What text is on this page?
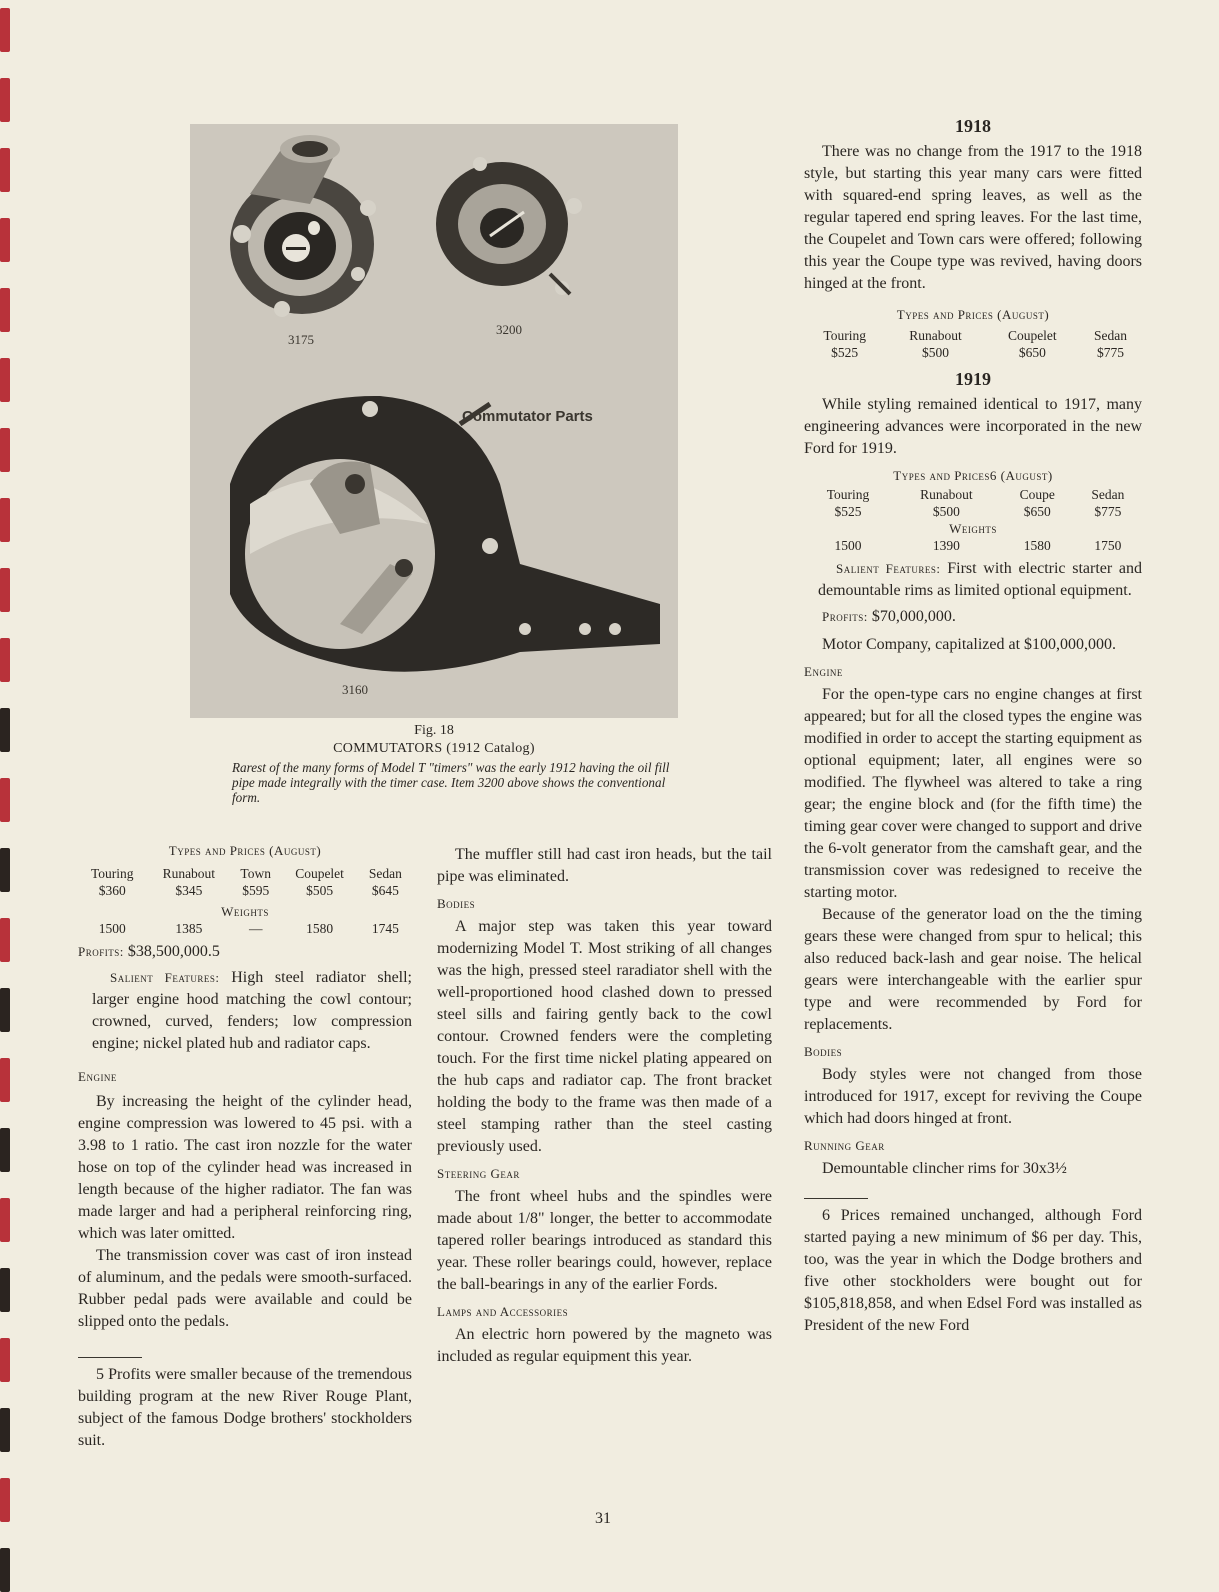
3175
3200
Commutator Parts
3160
Fig. 18
COMMUTATORS (1912 Catalog)
Rarest of the many forms of Model T "timers" was the early 1912 having the oil fill pipe made integrally with the timer case. Item 3200 above shows the conventional form.
Types and Prices (August)
Touring	Runabout	Town	Coupelet	Sedan
$360	$345	$595	$505	$645
Weights				
1500	1385	—	1580	1745

Profits: $38,500,000.5

Salient Features: High steel radiator shell; larger engine hood matching the cowl contour; crowned, curved, fenders; low compression engine; nickel plated hub and radiator caps.

Engine

By increasing the height of the cylinder head, engine compression was lowered to 45 psi. with a 3.98 to 1 ratio. The cast iron nozzle for the water hose on top of the cylinder head was increased in length because of the higher radiator. The fan was made larger and had a peripheral reinforcing ring, which was later omitted.

The transmission cover was cast of iron instead of aluminum, and the pedals were smooth-surfaced. Rubber pedal pads were available and could be slipped onto the pedals.

5 Profits were smaller because of the tremendous building program at the new River Rouge Plant, subject of the famous Dodge brothers' stockholders suit.

The muffler still had cast iron heads, but the tail pipe was eliminated.

Bodies

A major step was taken this year toward modernizing Model T. Most striking of all changes was the high, pressed steel raradiator shell with the well-proportioned hood clashed down to pressed steel sills and fairing gently back to the cowl contour. Crowned fenders were the completing touch. For the first time nickel plating appeared on the hub caps and radiator cap. The front bracket holding the body to the frame was then made of a steel stamping rather than the steel casting previously used.

Steering Gear

The front wheel hubs and the spindles were made about 1/8" longer, the better to accommodate tapered roller bearings introduced as standard this year. These roller bearings could, however, replace the ball-bearings in any of the earlier Fords.

Lamps and Accessories

An electric horn powered by the magneto was included as regular equipment this year.

1918

There was no change from the 1917 to the 1918 style, but starting this year many cars were fitted with squared-end spring leaves, as well as the regular tapered end spring leaves. For the last time, the Coupelet and Town cars were offered; following this year the Coupe type was revived, having doors hinged at the front.

Types and Prices (August)
Touring	Runabout	Coupelet	Sedan
$525	$500	$650	$775
1919

While styling remained identical to 1917, many engineering advances were incorporated in the new Ford for 1919.

Types and Prices6 (August)
Touring	Runabout	Coupe	Sedan
$525	$500	$650	$775
Weights			
1500	1390	1580	1750

Salient Features: First with electric starter and demountable rims as limited optional equipment.

Profits: $70,000,000.

Motor Company, capitalized at $100,000,000.

Engine

For the open-type cars no engine changes at first appeared; but for all the closed types the engine was modified in order to accept the starting equipment as optional equipment; later, all engines were so modified. The flywheel was altered to take a ring gear; the engine block and (for the fifth time) the timing gear cover were changed to support and drive the 6-volt generator from the camshaft gear, and the transmission cover was redesigned to receive the starting motor.

Because of the generator load on the the timing gears these were changed from spur to helical; this also reduced back-lash and gear noise. The helical gears were interchangeable with the earlier spur type and were recommended by Ford for replacements.

Bodies

Body styles were not changed from those introduced for 1917, except for reviving the Coupe which had doors hinged at front.

Running Gear

Demountable clincher rims for 30x3½

6 Prices remained unchanged, although Ford started paying a new minimum of $6 per day. This, too, was the year in which the Dodge brothers and five other stockholders were bought out for $105,818,858, and when Edsel Ford was installed as President of the new Ford

31
